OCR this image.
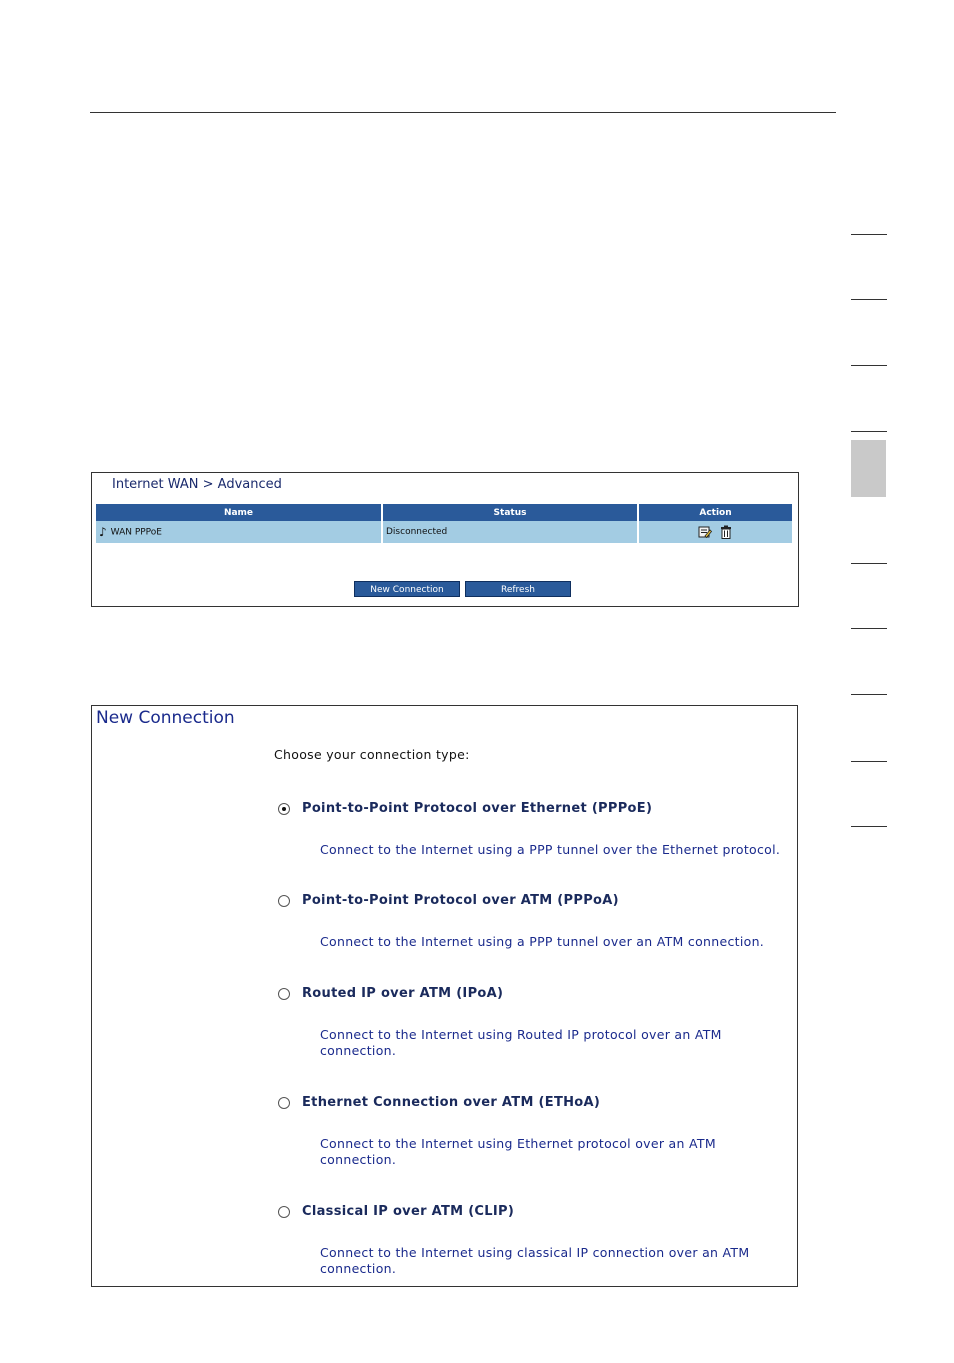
Internet WAN > Advanced
Name	Status	Action
♪ WAN PPPoE	Disconnected	
New Connection	Refresh
New Connection
Choose your connection type:
Point-to-Point Protocol over Ethernet (PPPoE)
Connect to the Internet using a PPP tunnel over the Ethernet protocol.
Point-to-Point Protocol over ATM (PPPoA)
Connect to the Internet using a PPP tunnel over an ATM connection.
Routed IP over ATM (IPoA)
Connect to the Internet using Routed IP protocol over an ATM connection.
Ethernet Connection over ATM (ETHoA)
Connect to the Internet using Ethernet protocol over an ATM connection.
Classical IP over ATM (CLIP)
Connect to the Internet using classical IP connection over an ATM connection.
